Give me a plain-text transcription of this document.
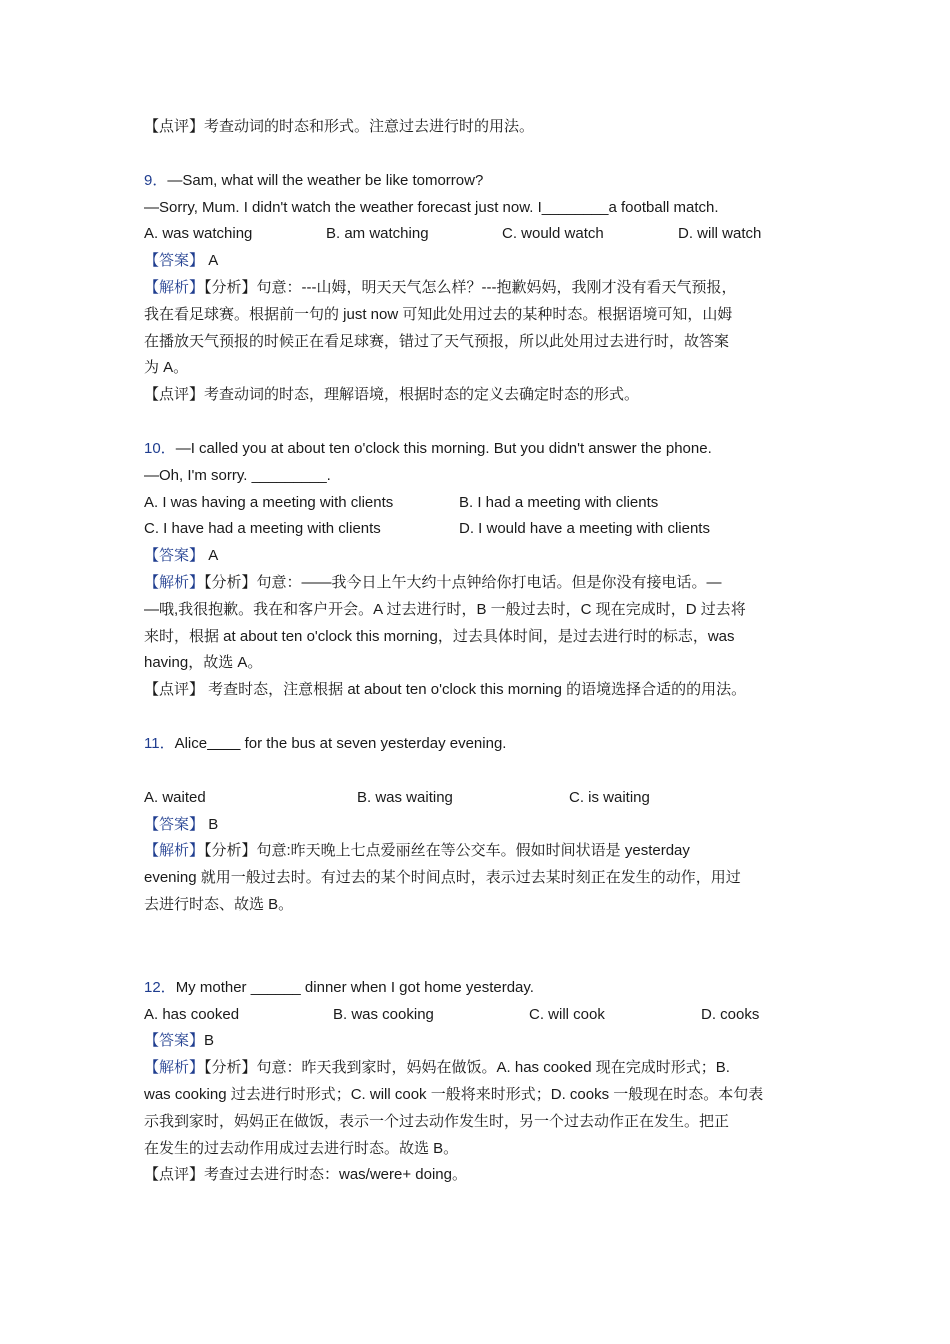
【点评】考查动词的时态和形式。注意过去进行时的用法。
9．—Sam, what will the weather be like tomorrow?
—Sorry, Mum. I didn't watch the weather forecast just now. I________a football match.
A. was watching	B. am watching	C. would watch	D. will watch
【答案】 A
【解析】【分析】句意：---山姆，明天天气怎么样？---抱歉妈妈，我刚才没有看天气预报，
我在看足球赛。根据前一句的 just now 可知此处用过去的某种时态。根据语境可知，山姆
在播放天气预报的时候正在看足球赛，错过了天气预报，所以此处用过去进行时，故答案
为 A。
【点评】考查动词的时态，理解语境，根据时态的定义去确定时态的形式。
10．—I called you at about ten o'clock this morning. But you didn't answer the phone.
—Oh, I'm sorry. _________.
A. I was having a meeting with clients	B. I had a meeting with clients
C. I have had a meeting with clients	D. I would have a meeting with clients
【答案】 A
【解析】【分析】句意：——我今日上午大约十点钟给你打电话。但是你没有接电话。—
—哦,我很抱歉。我在和客户开会。A 过去进行时，B 一般过去时，C 现在完成时，D 过去将
来时，根据 at about ten o'clock this morning，过去具体时间，是过去进行时的标志，was
having，故选 A。
【点评】 考查时态，注意根据 at about ten o'clock this morning 的语境选择合适的的用法。
11．Alice____ for the bus at seven yesterday evening.
A. waited	B. was waiting	C. is waiting
【答案】 B
【解析】【分析】句意:昨天晚上七点爱丽丝在等公交车。假如时间状语是 yesterday
evening 就用一般过去时。有过去的某个时间点时，表示过去某时刻正在发生的动作，用过
去进行时态、故选 B。
12．My mother ______ dinner when I got home yesterday.
A. has cooked	B. was cooking	C. will cook	D. cooks
【答案】B
【解析】【分析】句意：昨天我到家时，妈妈在做饭。A. has cooked 现在完成时形式；B.
was cooking 过去进行时形式；C. will cook 一般将来时形式；D. cooks 一般现在时态。本句表
示我到家时，妈妈正在做饭，表示一个过去动作发生时，另一个过去动作正在发生。把正
在发生的过去动作用成过去进行时态。故选 B。
【点评】考查过去进行时态：was/were+ doing。
